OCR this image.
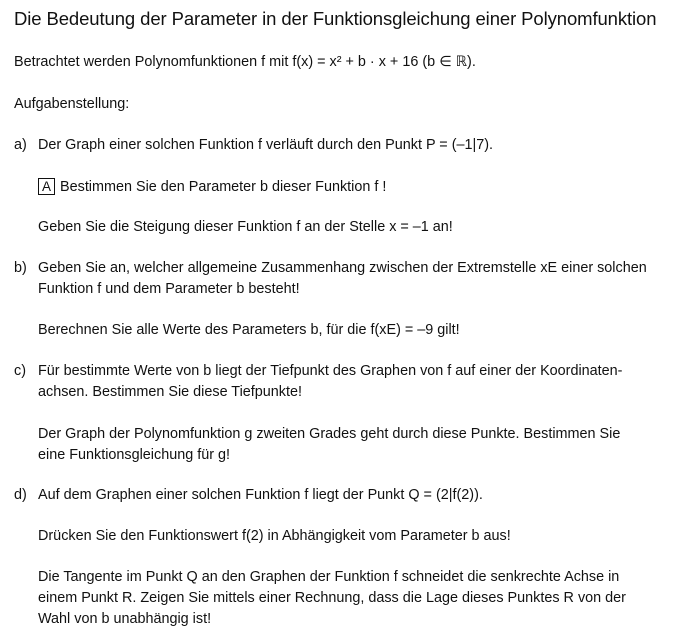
Die Bedeutung der Parameter in der Funktionsgleichung einer Polynomfunktion
Betrachtet werden Polynomfunktionen f mit f(x) = x² + b · x + 16 (b ∈ ℝ).
Aufgabenstellung:
a) Der Graph einer solchen Funktion f verläuft durch den Punkt P = (–1|7).
A Bestimmen Sie den Parameter b dieser Funktion f !
Geben Sie die Steigung dieser Funktion f an der Stelle x = –1 an!
b) Geben Sie an, welcher allgemeine Zusammenhang zwischen der Extremstelle xE einer solchen
Funktion f und dem Parameter b besteht!
Berechnen Sie alle Werte des Parameters b, für die f(xE) = –9 gilt!
c) Für bestimmte Werte von b liegt der Tiefpunkt des Graphen von f auf einer der Koordinaten-
achsen. Bestimmen Sie diese Tiefpunkte!
Der Graph der Polynomfunktion g zweiten Grades geht durch diese Punkte. Bestimmen Sie
eine Funktionsgleichung für g!
d) Auf dem Graphen einer solchen Funktion f liegt der Punkt Q = (2|f(2)).
Drücken Sie den Funktionswert f(2) in Abhängigkeit vom Parameter b aus!
Die Tangente im Punkt Q an den Graphen der Funktion f schneidet die senkrechte Achse in
einem Punkt R. Zeigen Sie mittels einer Rechnung, dass die Lage dieses Punktes R von der
Wahl von b unabhängig ist!
